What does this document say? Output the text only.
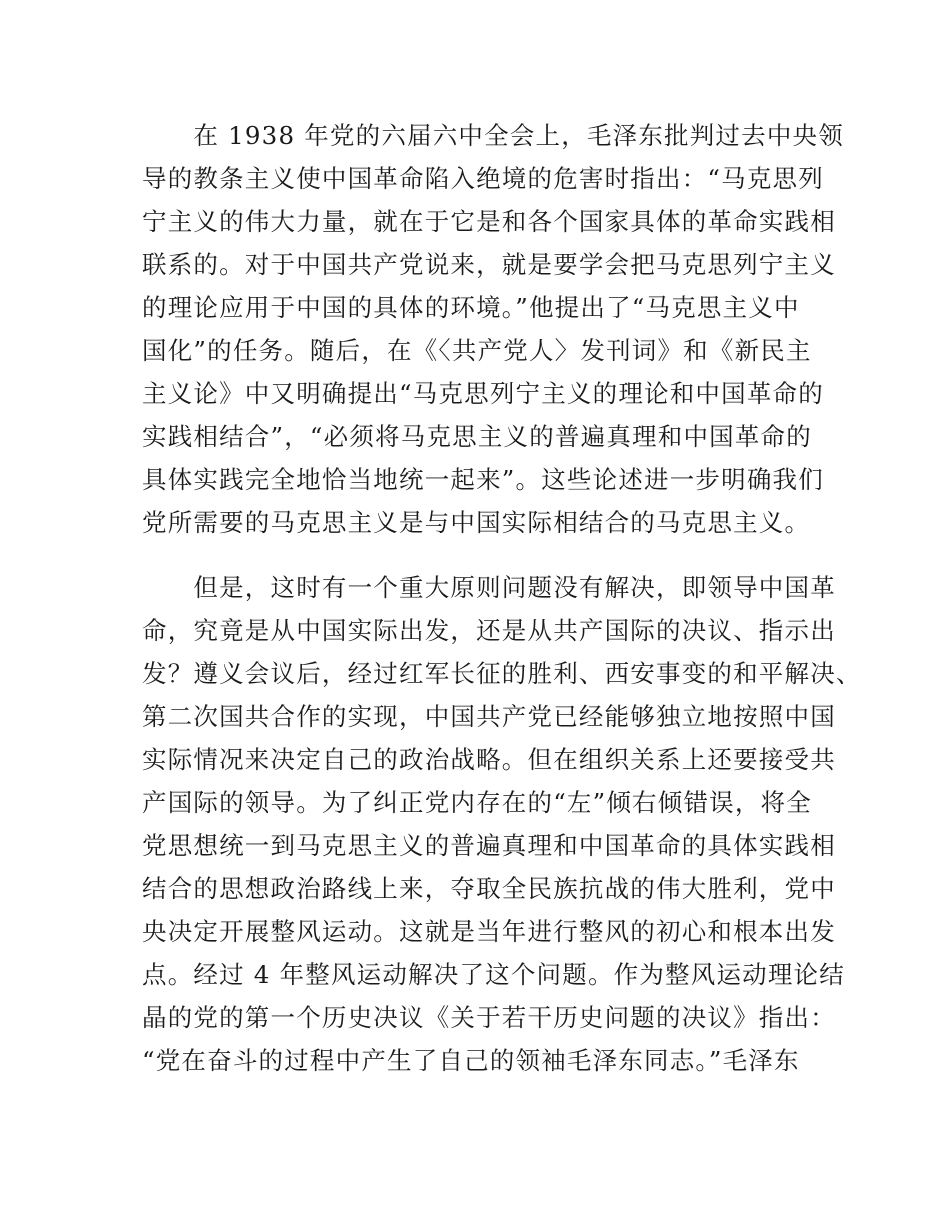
　　在 1938 年党的六届六中全会上，毛泽东批判过去中央领
导的教条主义使中国革命陷入绝境的危害时指出：“马克思列
宁主义的伟大力量，就在于它是和各个国家具体的革命实践相
联系的。对于中国共产党说来，就是要学会把马克思列宁主义
的理论应用于中国的具体的环境。”他提出了“马克思主义中
国化”的任务。随后，在《〈共产党人〉发刊词》和《新民主
主义论》中又明确提出“马克思列宁主义的理论和中国革命的
实践相结合”，“必须将马克思主义的普遍真理和中国革命的
具体实践完全地恰当地统一起来”。这些论述进一步明确我们
党所需要的马克思主义是与中国实际相结合的马克思主义。
　　但是，这时有一个重大原则问题没有解决，即领导中国革
命，究竟是从中国实际出发，还是从共产国际的决议、指示出
发？遵义会议后，经过红军长征的胜利、西安事变的和平解决、
第二次国共合作的实现，中国共产党已经能够独立地按照中国
实际情况来决定自己的政治战略。但在组织关系上还要接受共
产国际的领导。为了纠正党内存在的“左”倾右倾错误，将全
党思想统一到马克思主义的普遍真理和中国革命的具体实践相
结合的思想政治路线上来，夺取全民族抗战的伟大胜利，党中
央决定开展整风运动。这就是当年进行整风的初心和根本出发
点。经过 4 年整风运动解决了这个问题。作为整风运动理论结
晶的党的第一个历史决议《关于若干历史问题的决议》指出：
“党在奋斗的过程中产生了自己的领袖毛泽东同志。”毛泽东
